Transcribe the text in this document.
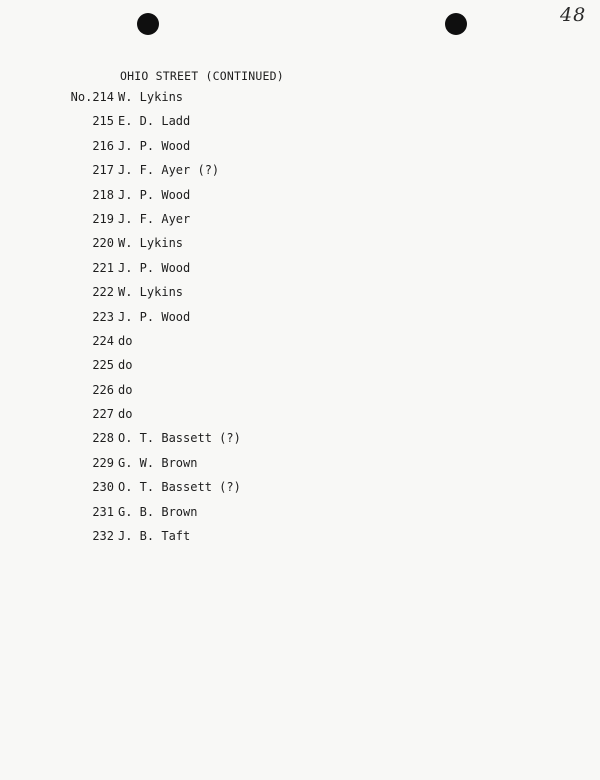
48
OHIO STREET (CONTINUED)
No.214 W. Lykins
215 E. D. Ladd
216 J. P. Wood
217 J. F. Ayer (?)
218 J. P. Wood
219 J. F. Ayer
220 W. Lykins
221 J. P. Wood
222 W. Lykins
223 J. P. Wood
224 do
225 do
226 do
227 do
228 O. T. Bassett (?)
229 G. W. Brown
230 O. T. Bassett (?)
231 G. B. Brown
232 J. B. Taft
